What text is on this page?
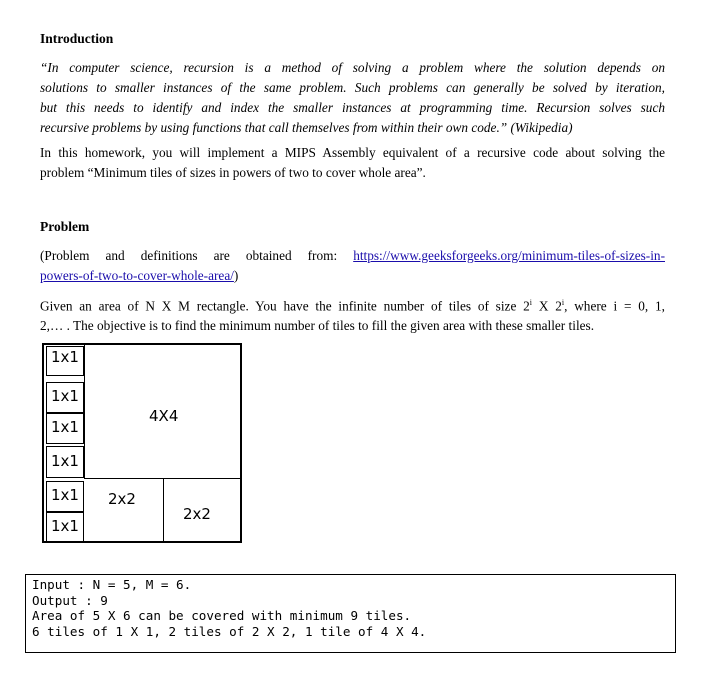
Introduction
“In computer science, recursion is a method of solving a problem where the solution depends on
solutions to smaller instances of the same problem. Such problems can generally be solved by iteration,
but this needs to identify and index the smaller instances at programming time. Recursion solves such
recursive problems by using functions that call themselves from within their own code.” (Wikipedia)
In this homework, you will implement a MIPS Assembly equivalent of a recursive code about solving the
problem “Minimum tiles of sizes in powers of two to cover whole area”.
Problem
(Problem and definitions are obtained from: https://www.geeksforgeeks.org/minimum-tiles-of-sizes-in-
powers-of-two-to-cover-whole-area/)
Given an area of N X M rectangle. You have the infinite number of tiles of size 2$^i$ X 2$^i$, where i = 0, 1,
2,… . The objective is to find the minimum number of tiles to fill the given area with these smaller tiles.
1x1
1x1
1x1
1x1
1x1
1x1
4X4
2x2
2x2
Input : N = 5, M = 6.
Output : 9
Area of 5 X 6 can be covered with minimum 9 tiles.
6 tiles of 1 X 1, 2 tiles of 2 X 2, 1 tile of 4 X 4.
